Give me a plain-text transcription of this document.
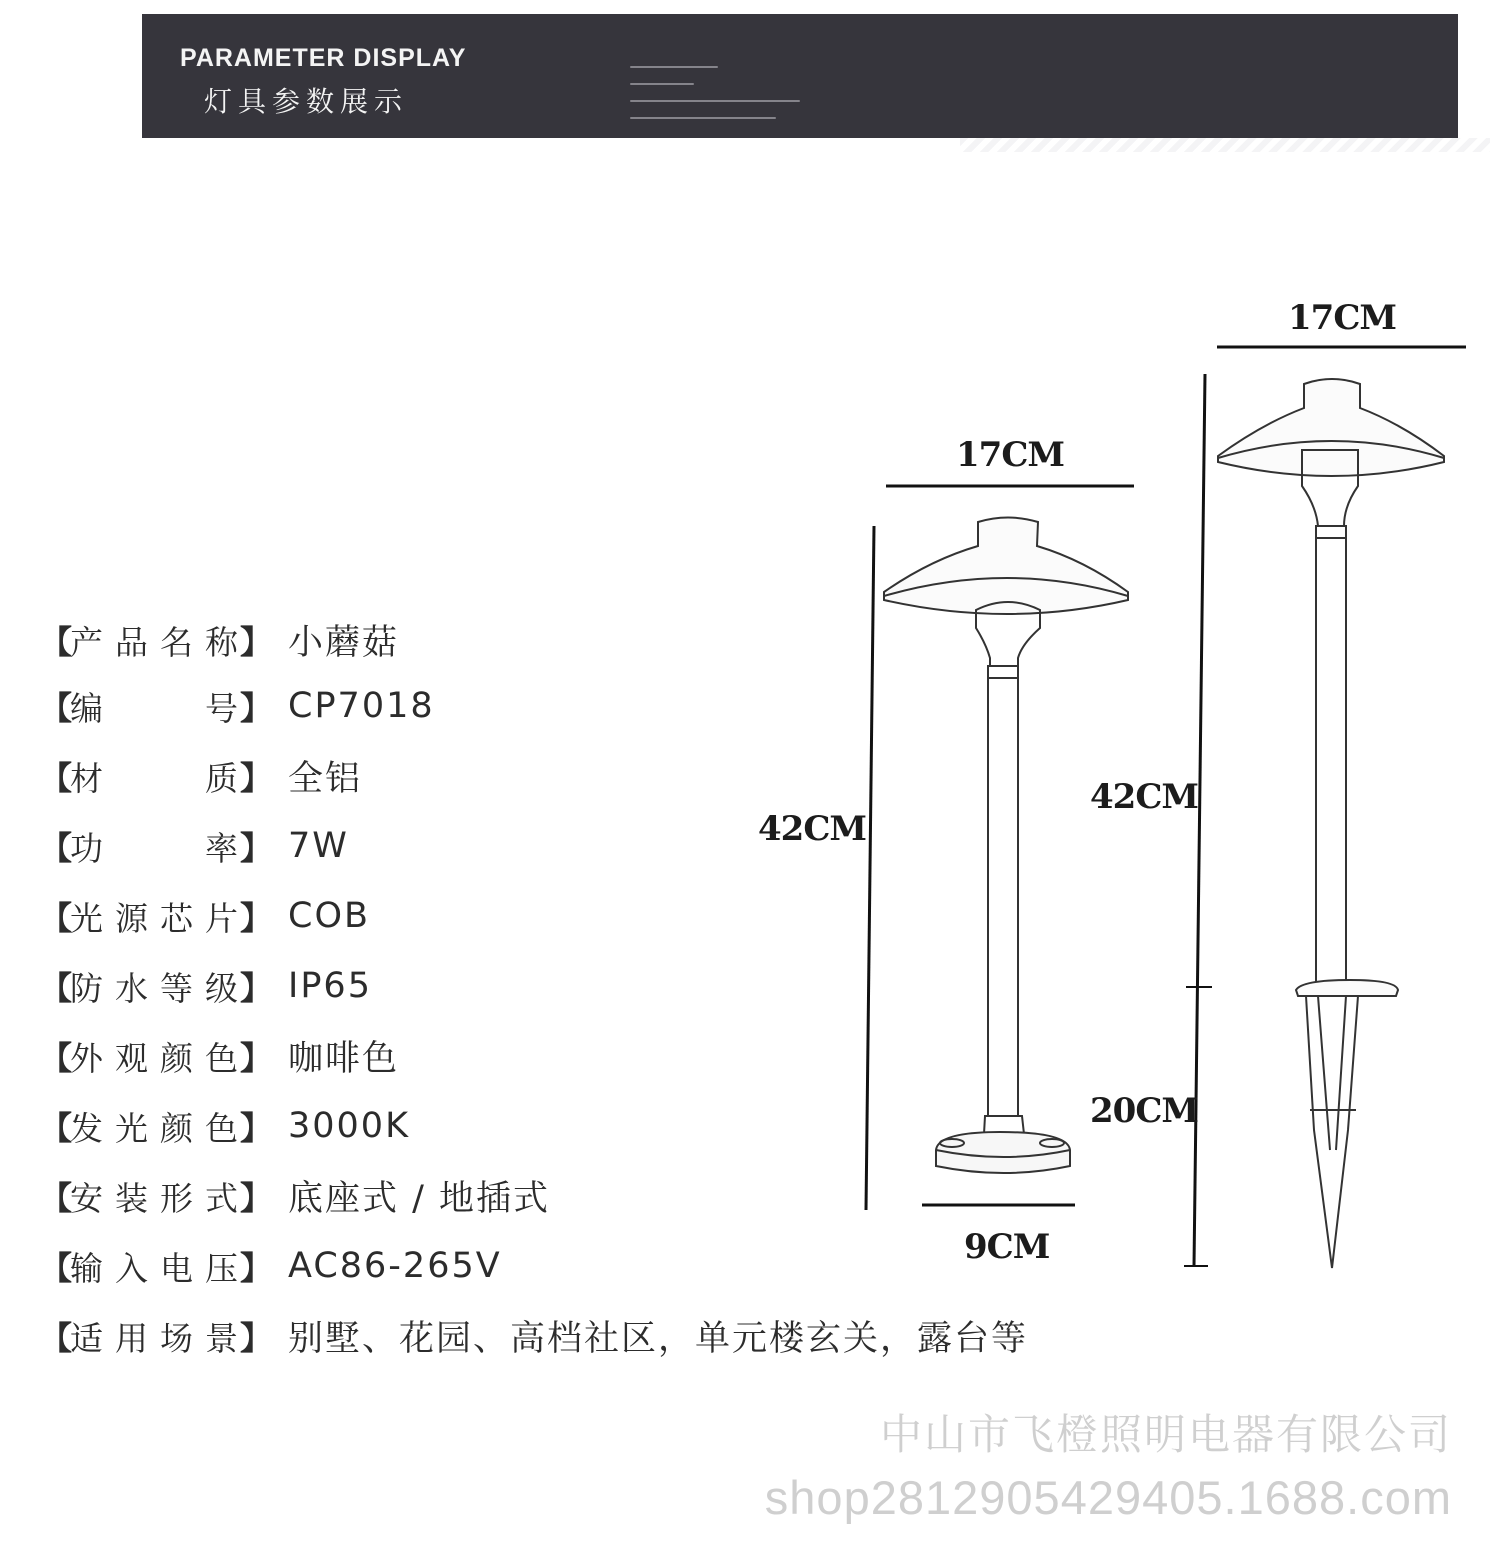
PARAMETER DISPLAY
灯具参数展示
【
产品名称 】 小蘑菇
【
编号 】 CP7018
【
材质 】 全铝
【
功率 】 7W
【
光源芯片 】 COB
【
防水等级 】 IP65
【
外观颜色 】 咖啡色
【
发光颜色 】 3000K
【
安装形式 】 底座式 / 地插式
【
输入电压 】 AC86-265V
【
适用场景 】 别墅、花园、高档社区，单元楼玄关，露台等
17CM
42CM
9CM
17CM
42CM
20CM
中山市飞橙照明电器有限公司
shop2812905429405.1688.com
